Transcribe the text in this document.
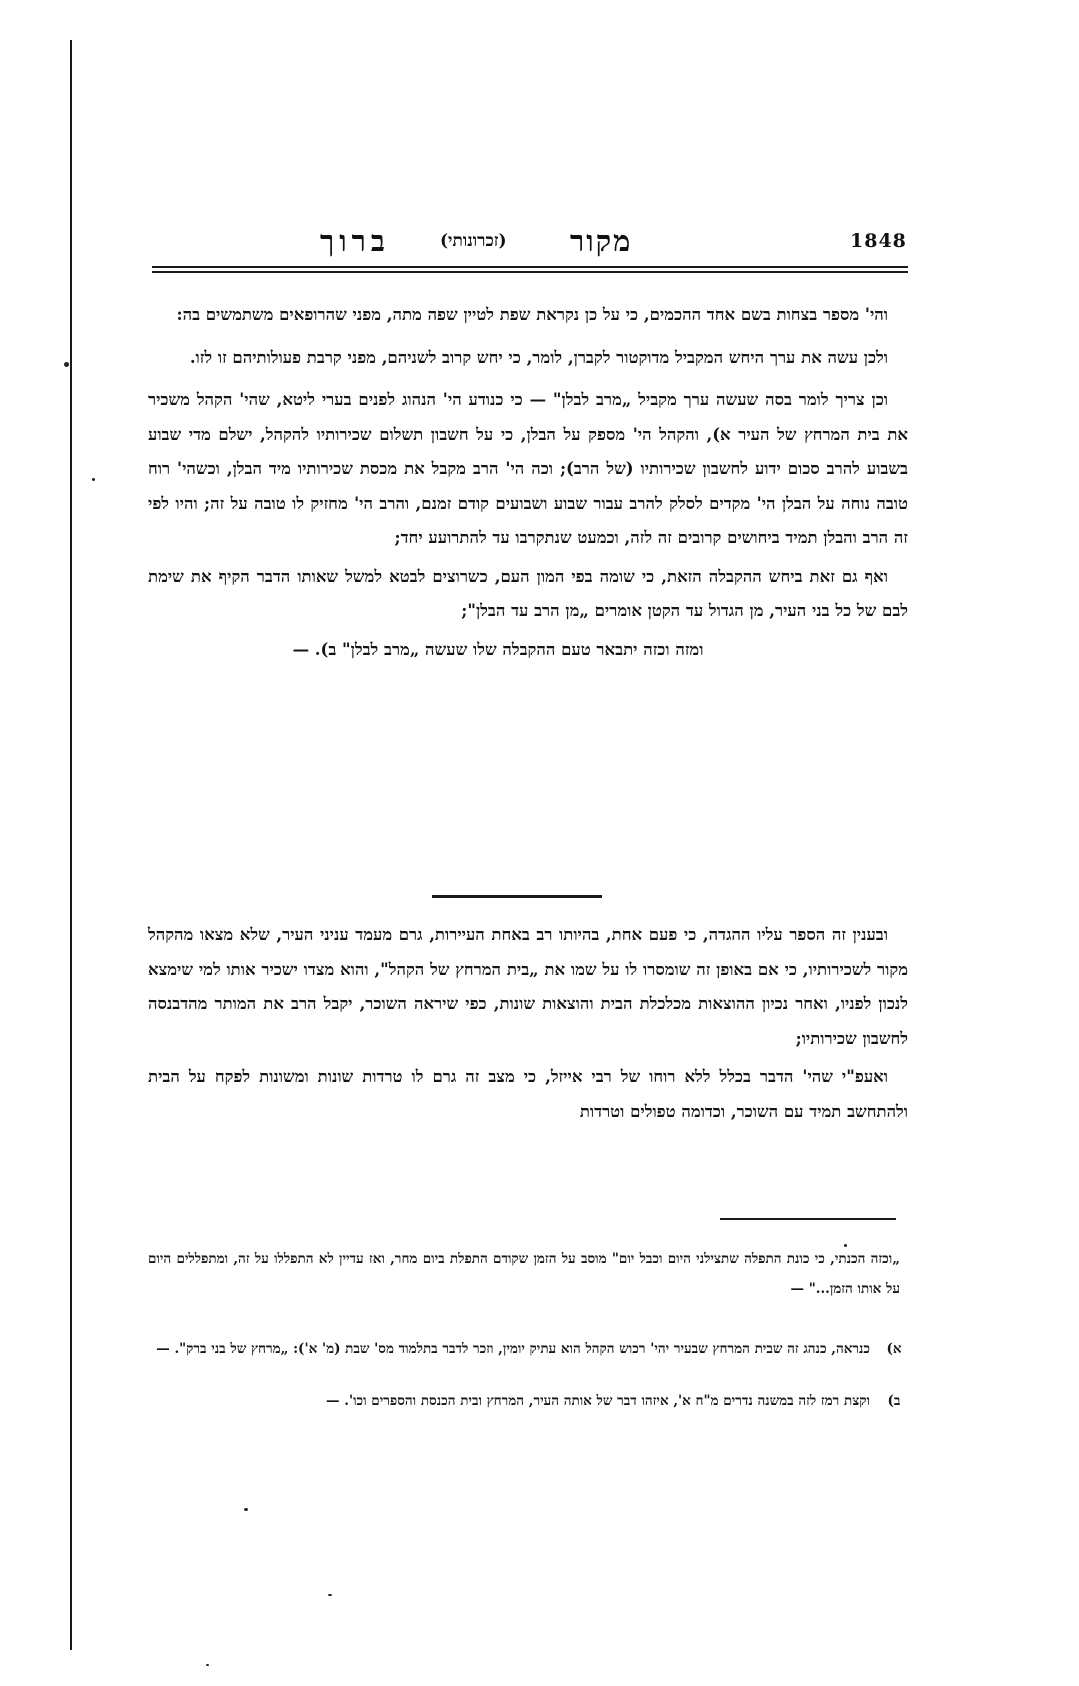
1848
מקור
(זכרונותי)
ברוך

והי' מספר בצחות בשם אחד ההכמים, כי על כן נקראת שפת לטיין שפה מתה, מפני שהרופאים משתמשים בה:

ולכן עשה את ערך היחש המקביל מדוקטור לקברן, לומר, כי יחש קרוב לשניהם, מפני קרבת פעולותיהם זו לזו.

וכן צריך לומר בסה שעשה ערך מקביל „מרב לבלן" — כי כנודע הי' הנהוג לפנים בערי ליטא, שהי' הקהל משכיר את בית המרחץ של העיר א), והקהל הי' מספק על הבלן, כי על חשבון תשלום שכירותיו להקהל, ישלם מדי שבוע בשבוע להרב סכום ידוע לחשבון שכירותיו (של הרב); וכה הי' הרב מקבל את מכסת שכירותיו מיד הבלן, וכשהי' רוח טובה נוחה על הבלן הי' מקדים לסלק להרב עבור שבוע ושבועים קודם זמנם, והרב הי' מחזיק לו טובה על זה; והיו לפי זה הרב והבלן תמיד ביחושים קרובים זה לזה, וכמעט שנתקרבו עד להתרועע יחד;

ואף גם זאת ביחש ההקבלה הזאת, כי שומה בפי המון העם, כשרוצים לבטא למשל שאותו הדבר הקיף את שימת לבם של כל בני העיר, מן הגדול עד הקטן אומרים „מן הרב עד הבלן";

ומזה וכזה יתבאר טעם ההקבלה שלו שעשה „מרב לבלן" ב). —

ובענין זה הספר עליו ההגדה, כי פעם אחת, בהיותו רב באחת העיירות, גרם מעמד עניני העיר, שלא מצאו מהקהל מקור לשכירותיו, כי אם באופן זה שומסרו לו על שמו את „בית המרחץ של הקהל", והוא מצדו ישכיר אותו למי שימצא לנכון לפניו, ואחר נכיון ההוצאות מכלכלת הבית והוצאות שונות, כפי שיראה השוכר, יקבל הרב את המותר מהדבנסה לחשבון שכירותיו;

ואעפ"י שהי' הדבר בכלל ללא רוחו של רבי אייזל, כי מצב זה גרם לו טרדות שונות ומשונות לפקח על הבית ולהתחשב תמיד עם השוכר, וכדומה טפולים וטרדות

„וכזה הכנתי, כי כונת התפלה שתצילני היום וכבל יום" מוסב על הזמן שקודם התפלת ביום מחר, ואז עדיין לא התפללו על זה, ומתפללים היום על אותו הזמן..." —
א)
כנראה, כנהג זה שבית המרחץ שבעיר יהי' רכוש הקהל הוא עתיק יומין, וזכר לדבר בתלמוד מס' שבת (מ' א'): „מרחץ של בני ברק". —
ב)
וקצת רמז לזה במשנה נדרים מ"ח א', איזהו דבר של אותה העיר, המרחץ ובית הכנסת והספרים וכו'. —
